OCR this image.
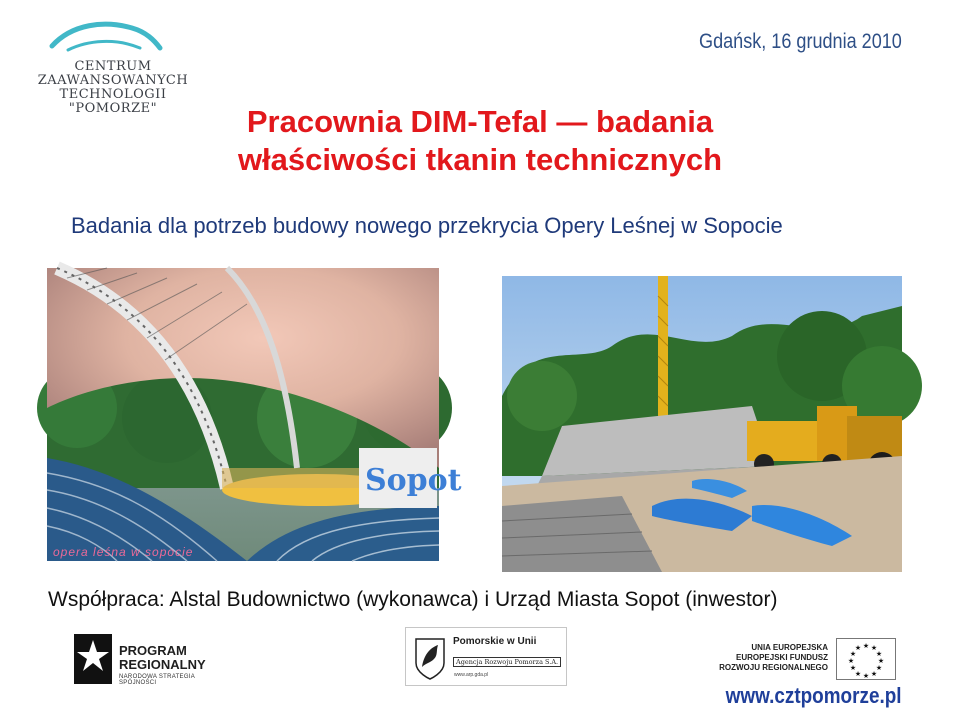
CENTRUM
ZAAWANSOWANYCH
TECHNOLOGII
"POMORZE"
Gdańsk, 16 grudnia 2010
Pracownia DIM-Tefal — badania
właściwości tkanin technicznych
Badania dla potrzeb budowy nowego przekrycia Opery Leśnej w Sopocie
Sopot
opera leśna w sopocie
Współpraca: Alstal Budownictwo (wykonawca) i Urząd Miasta Sopot (inwestor)
PROGRAM
REGIONALNY
NARODOWA STRATEGIA SPÓJNOŚCI
Pomorskie w Unii
Agencja Rozwoju Pomorza S.A.
www.arp.gda.pl
UNIA EUROPEJSKA
EUROPEJSKI FUNDUSZ
ROZWOJU REGIONALNEGO
★ ★
★
★
★
★
★
★
★
★
★
★
www.cztpomorze.pl
